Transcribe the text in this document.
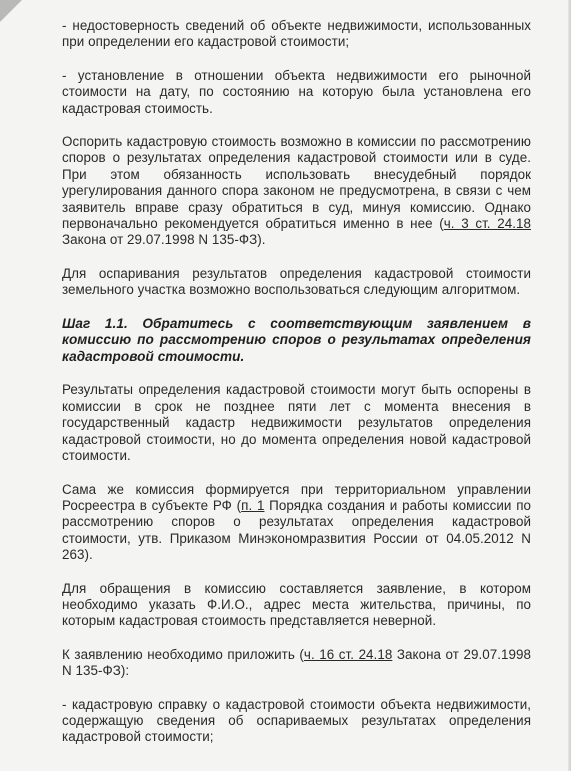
- недостоверность сведений об объекте недвижимости, использованных при определении его кадастровой стоимости;

- установление в отношении объекта недвижимости его рыночной стоимости на дату, по состоянию на которую была установлена его кадастровая стоимость.

Оспорить кадастровую стоимость возможно в комиссии по рассмотрению споров о результатах определения кадастровой стоимости или в суде. При этом обязанность использовать внесудебный порядок урегулирования данного спора законом не предусмотрена, в связи с чем заявитель вправе сразу обратиться в суд, минуя комиссию. Однако первоначально рекомендуется обратиться именно в нее (ч. 3 ст. 24.18 Закона от 29.07.1998 N 135-ФЗ).

Для оспаривания результатов определения кадастровой стоимости земельного участка возможно воспользоваться следующим алгоритмом.

Шаг 1.1. Обратитесь с соответствующим заявлением в комиссию по рассмотрению споров о результатах определения кадастровой стоимости.

Результаты определения кадастровой стоимости могут быть оспорены в комиссии в срок не позднее пяти лет с момента внесения в государственный кадастр недвижимости результатов определения кадастровой стоимости, но до момента определения новой кадастровой стоимости.

Сама же комиссия формируется при территориальном управлении Росреестра в субъекте РФ (п. 1 Порядка создания и работы комиссии по рассмотрению споров о результатах определения кадастровой стоимости, утв. Приказом Минэкономразвития России от 04.05.2012 N 263).

Для обращения в комиссию составляется заявление, в котором необходимо указать Ф.И.О., адрес места жительства, причины, по которым кадастровая стоимость представляется неверной.

К заявлению необходимо приложить (ч. 16 ст. 24.18 Закона от 29.07.1998 N 135-ФЗ):

- кадастровую справку о кадастровой стоимости объекта недвижимости, содержащую сведения об оспариваемых результатах определения кадастровой стоимости;
